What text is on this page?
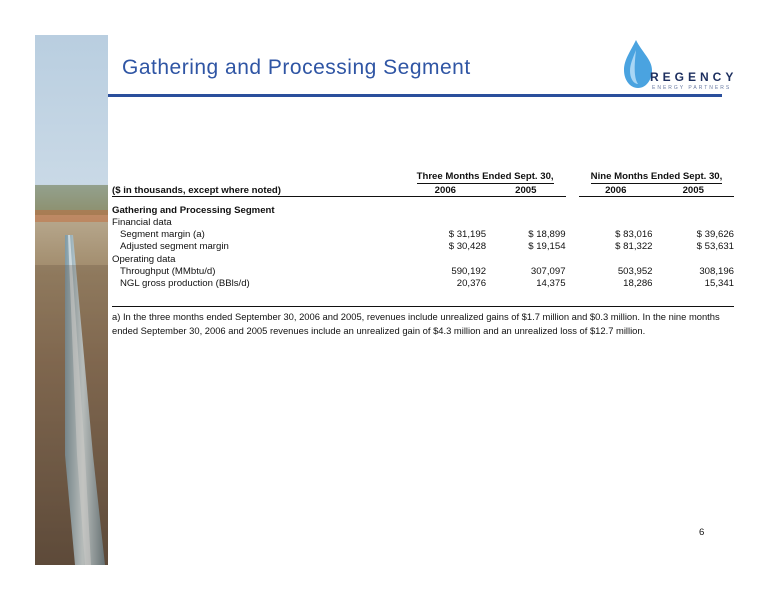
Gathering and Processing Segment	REGENCY
ENERGY PARTNERS
	Three Months Ended Sept. 30,			Nine Months Ended Sept. 30,	
($ in thousands, except where noted)	2006	2005		2006	2005

Gathering and Processing Segment					
Financial data					
Segment margin (a)	$ 31,195	$ 18,899		$ 83,016	$ 39,626
Adjusted segment margin	$ 30,428	$ 19,154		$ 81,322	$ 53,631
Operating data					
Throughput (MMbtu/d)	590,192	307,097		503,952	308,196
NGL gross production (BBls/d)	20,376	14,375		18,286	15,341
a) In the three months ended September 30, 2006 and 2005, revenues include unrealized gains of $1.7 million and $0.3 million. In the nine months ended September 30, 2006 and 2005 revenues include an unrealized gain of $4.3 million and an unrealized loss of $12.7 million.
6
